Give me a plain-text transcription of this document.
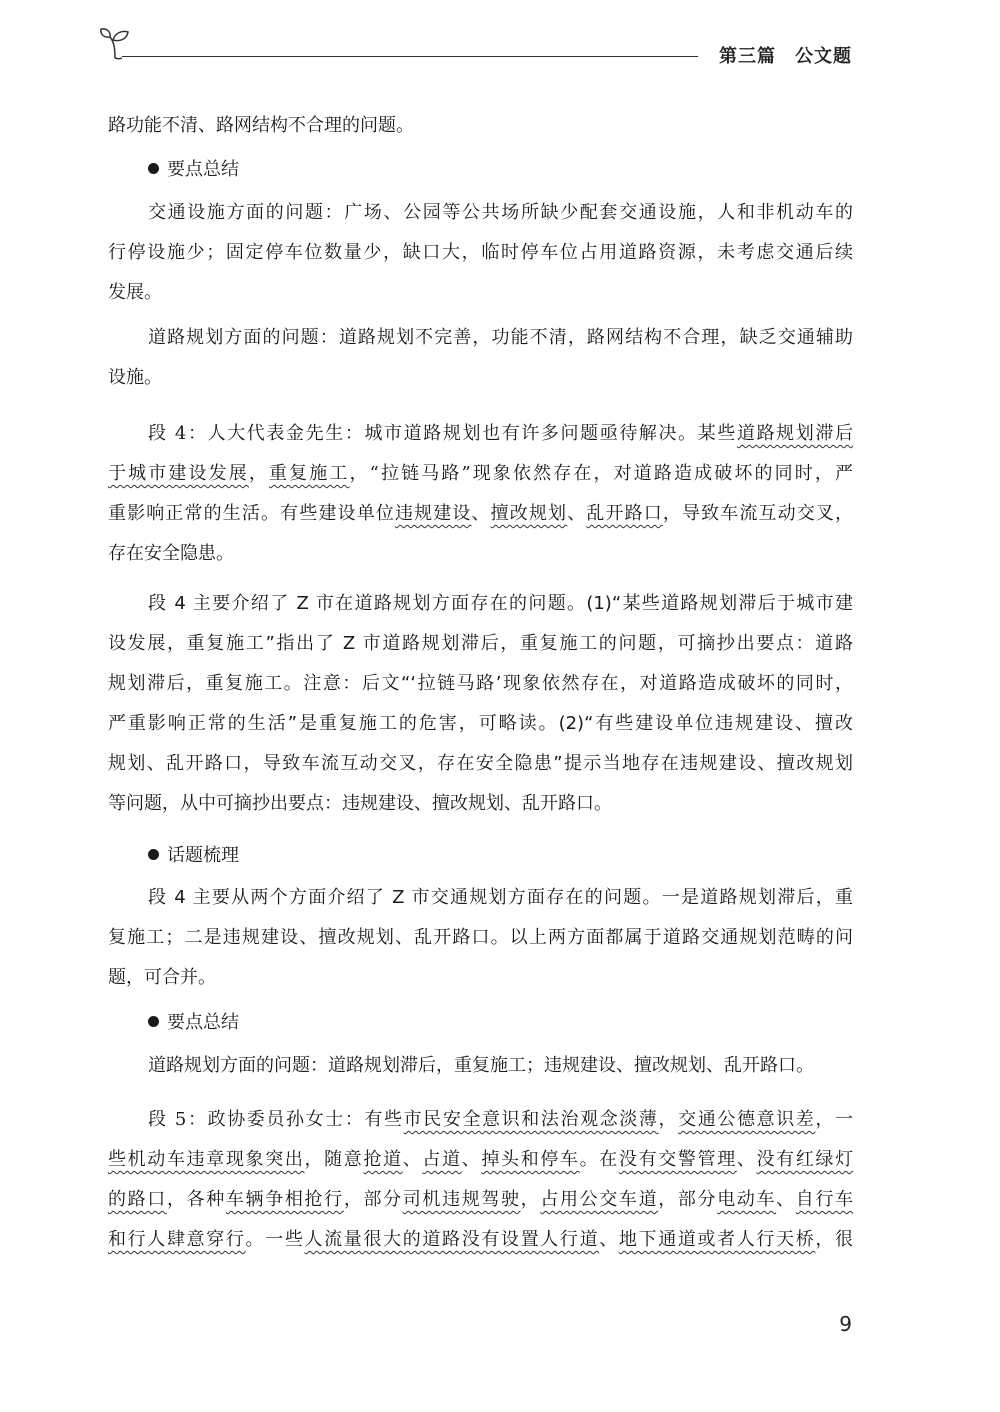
第三篇　公文题
路功能不清、路网结构不合理的问题。
要点总结
交通设施方面的问题：广场、公园等公共场所缺少配套交通设施，人和非机动车的
行停设施少；固定停车位数量少，缺口大，临时停车位占用道路资源，未考虑交通后续
发展。
道路规划方面的问题：道路规划不完善，功能不清，路网结构不合理，缺乏交通辅助
设施。
段 4：人大代表金先生：城市道路规划也有许多问题亟待解决。某些道路规划滞后
于城市建设发展，重复施工，“拉链马路”现象依然存在，对道路造成破坏的同时，严
重影响正常的生活。有些建设单位违规建设、擅改规划、乱开路口，导致车流互动交叉，
存在安全隐患。
段 4 主要介绍了 Z 市在道路规划方面存在的问题。(1)“某些道路规划滞后于城市建
设发展，重复施工”指出了 Z 市道路规划滞后，重复施工的问题，可摘抄出要点：道路
规划滞后，重复施工。注意：后文“‘拉链马路’现象依然存在，对道路造成破坏的同时，
严重影响正常的生活”是重复施工的危害，可略读。(2)“有些建设单位违规建设、擅改
规划、乱开路口，导致车流互动交叉，存在安全隐患”提示当地存在违规建设、擅改规划
等问题，从中可摘抄出要点：违规建设、擅改规划、乱开路口。
话题梳理
段 4 主要从两个方面介绍了 Z 市交通规划方面存在的问题。一是道路规划滞后，重
复施工；二是违规建设、擅改规划、乱开路口。以上两方面都属于道路交通规划范畴的问
题，可合并。
要点总结
道路规划方面的问题：道路规划滞后，重复施工；违规建设、擅改规划、乱开路口。
段 5：政协委员孙女士：有些市民安全意识和法治观念淡薄，交通公德意识差，一
些机动车违章现象突出，随意抢道、占道、掉头和停车。在没有交警管理、没有红绿灯
的路口，各种车辆争相抢行，部分司机违规驾驶，占用公交车道，部分电动车、自行车
和行人肆意穿行。一些人流量很大的道路没有设置人行道、地下通道或者人行天桥，很
9
